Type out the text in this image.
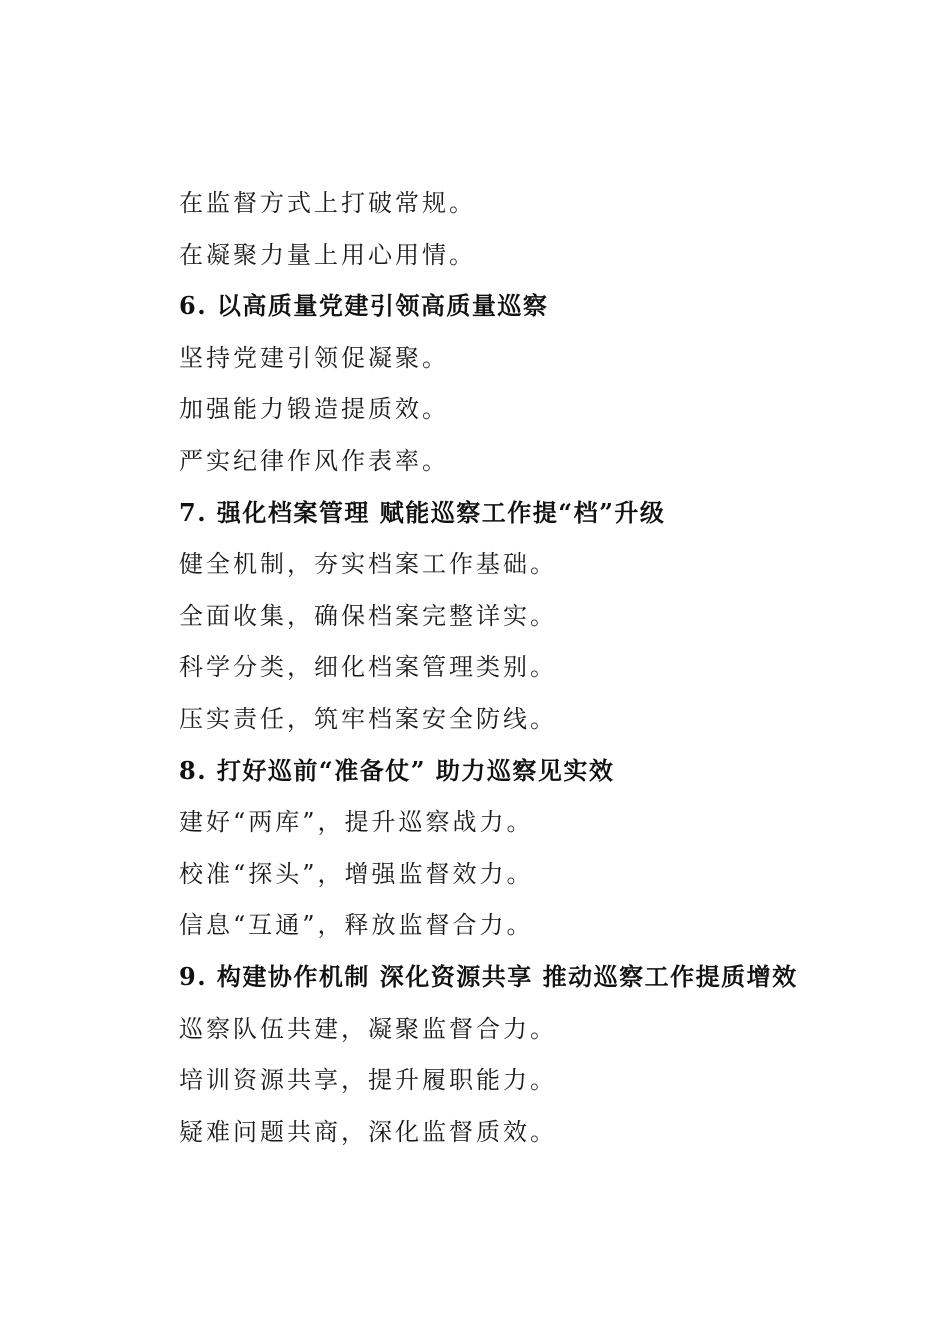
在监督方式上打破常规。
在凝聚力量上用心用情。
6. 以高质量党建引领高质量巡察
坚持党建引领促凝聚。
加强能力锻造提质效。
严实纪律作风作表率。
7. 强化档案管理 赋能巡察工作提“档”升级
健全机制，夯实档案工作基础。
全面收集，确保档案完整详实。
科学分类，细化档案管理类别。
压实责任，筑牢档案安全防线。
8. 打好巡前“准备仗” 助力巡察见实效
建好“两库”，提升巡察战力。
校准“探头”，增强监督效力。
信息“互通”，释放监督合力。
9. 构建协作机制 深化资源共享 推动巡察工作提质增效
巡察队伍共建，凝聚监督合力。
培训资源共享，提升履职能力。
疑难问题共商，深化监督质效。
